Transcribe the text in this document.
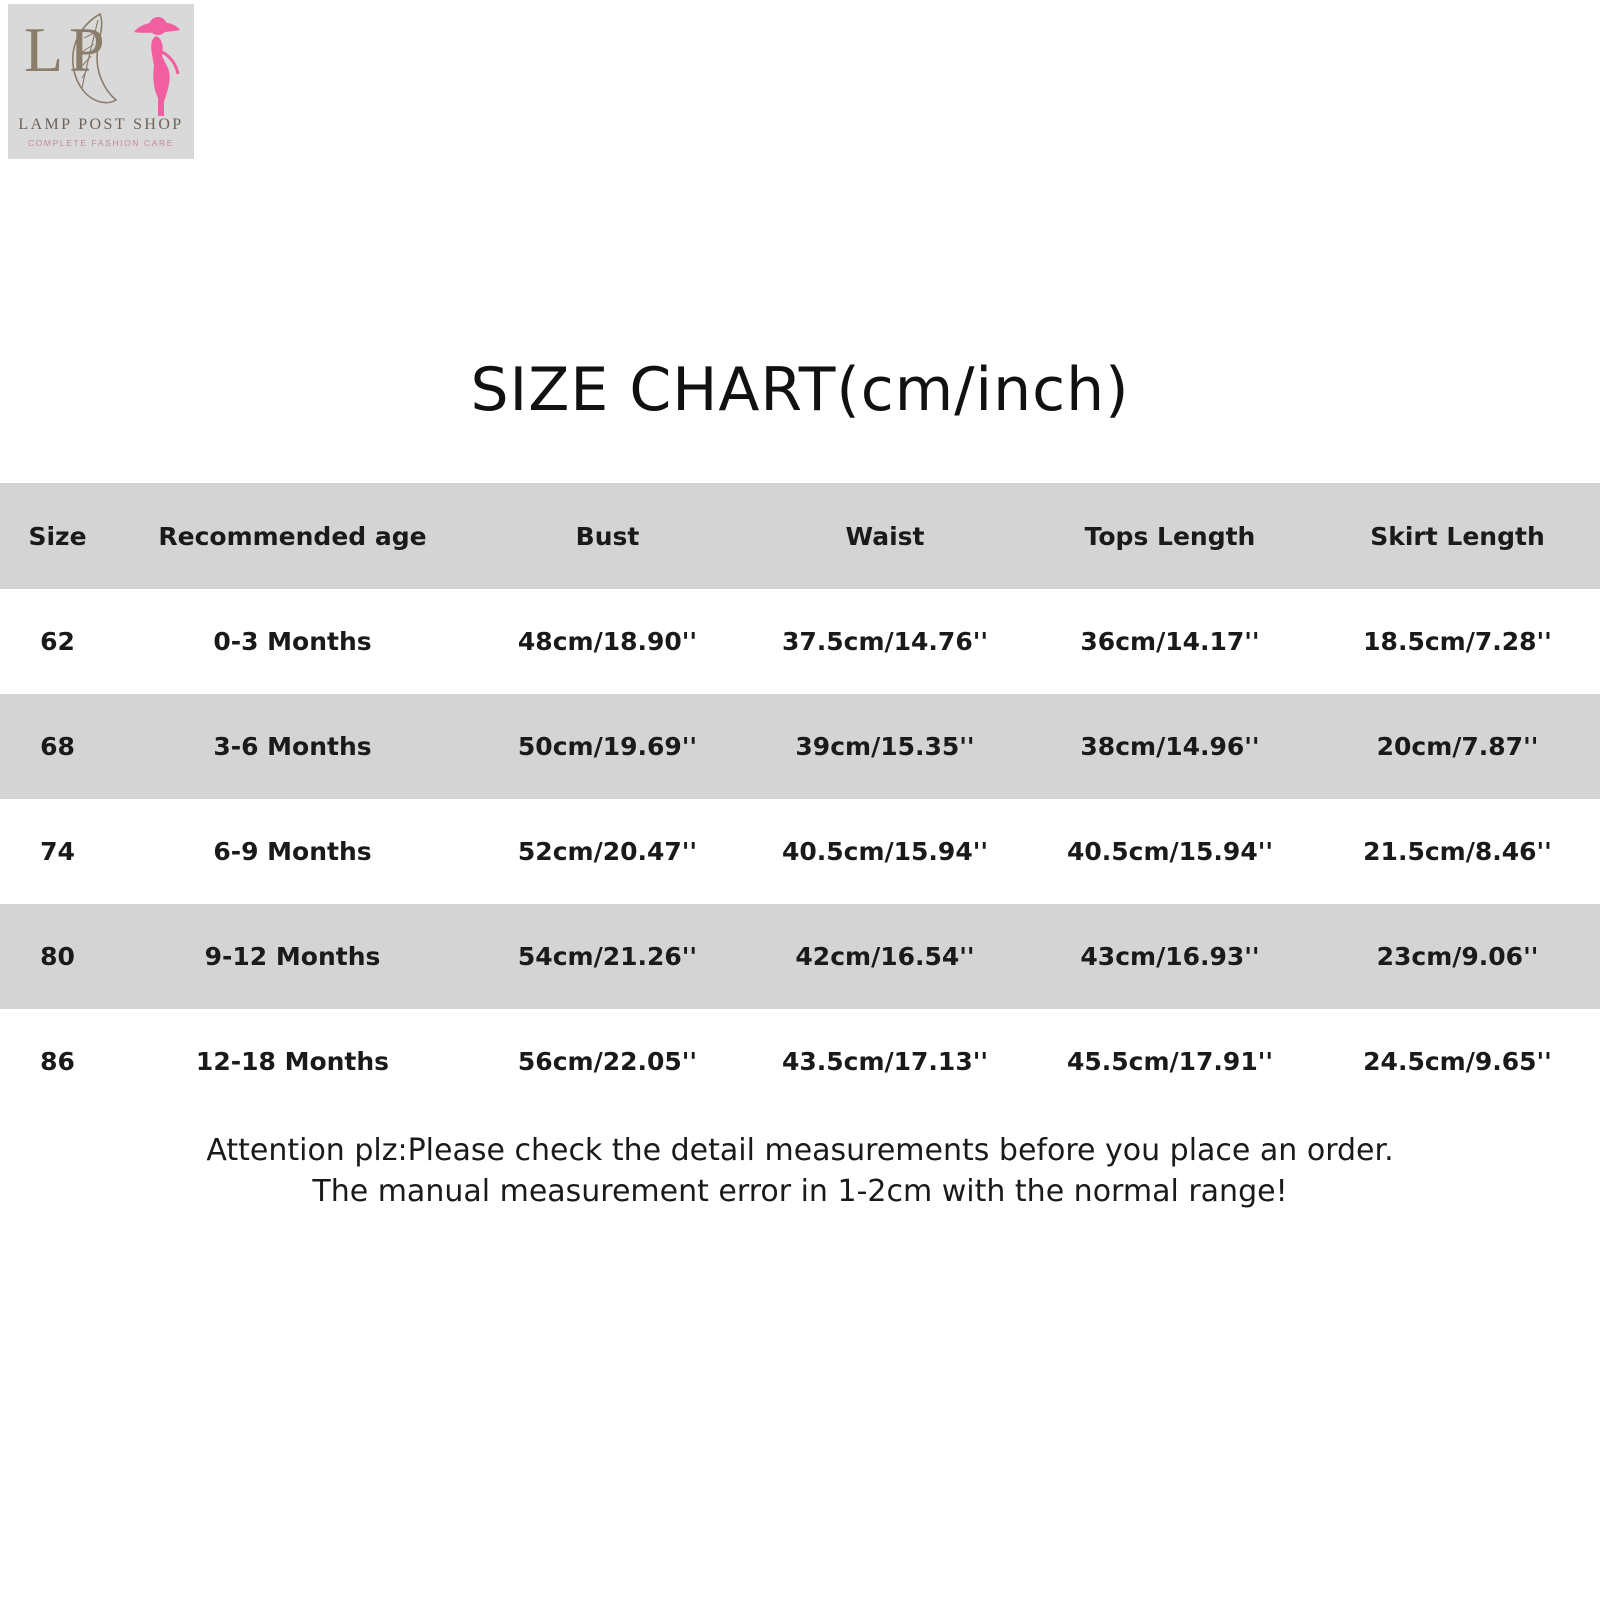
LP
LAMP POST SHOP
COMPLETE FASHION CARE
SIZE CHART(cm/inch)
Size	Recommended age	Bust	Waist	Tops Length	Skirt Length
62	0-3 Months	48cm/18.90''	37.5cm/14.76''	36cm/14.17''	18.5cm/7.28''
68	3-6 Months	50cm/19.69''	39cm/15.35''	38cm/14.96''	20cm/7.87''
74	6-9 Months	52cm/20.47''	40.5cm/15.94''	40.5cm/15.94''	21.5cm/8.46''
80	9-12 Months	54cm/21.26''	42cm/16.54''	43cm/16.93''	23cm/9.06''
86	12-18 Months	56cm/22.05''	43.5cm/17.13''	45.5cm/17.91''	24.5cm/9.65''
Attention plz:Please check the detail measurements before you place an order.
The manual measurement error in 1-2cm with the normal range!
